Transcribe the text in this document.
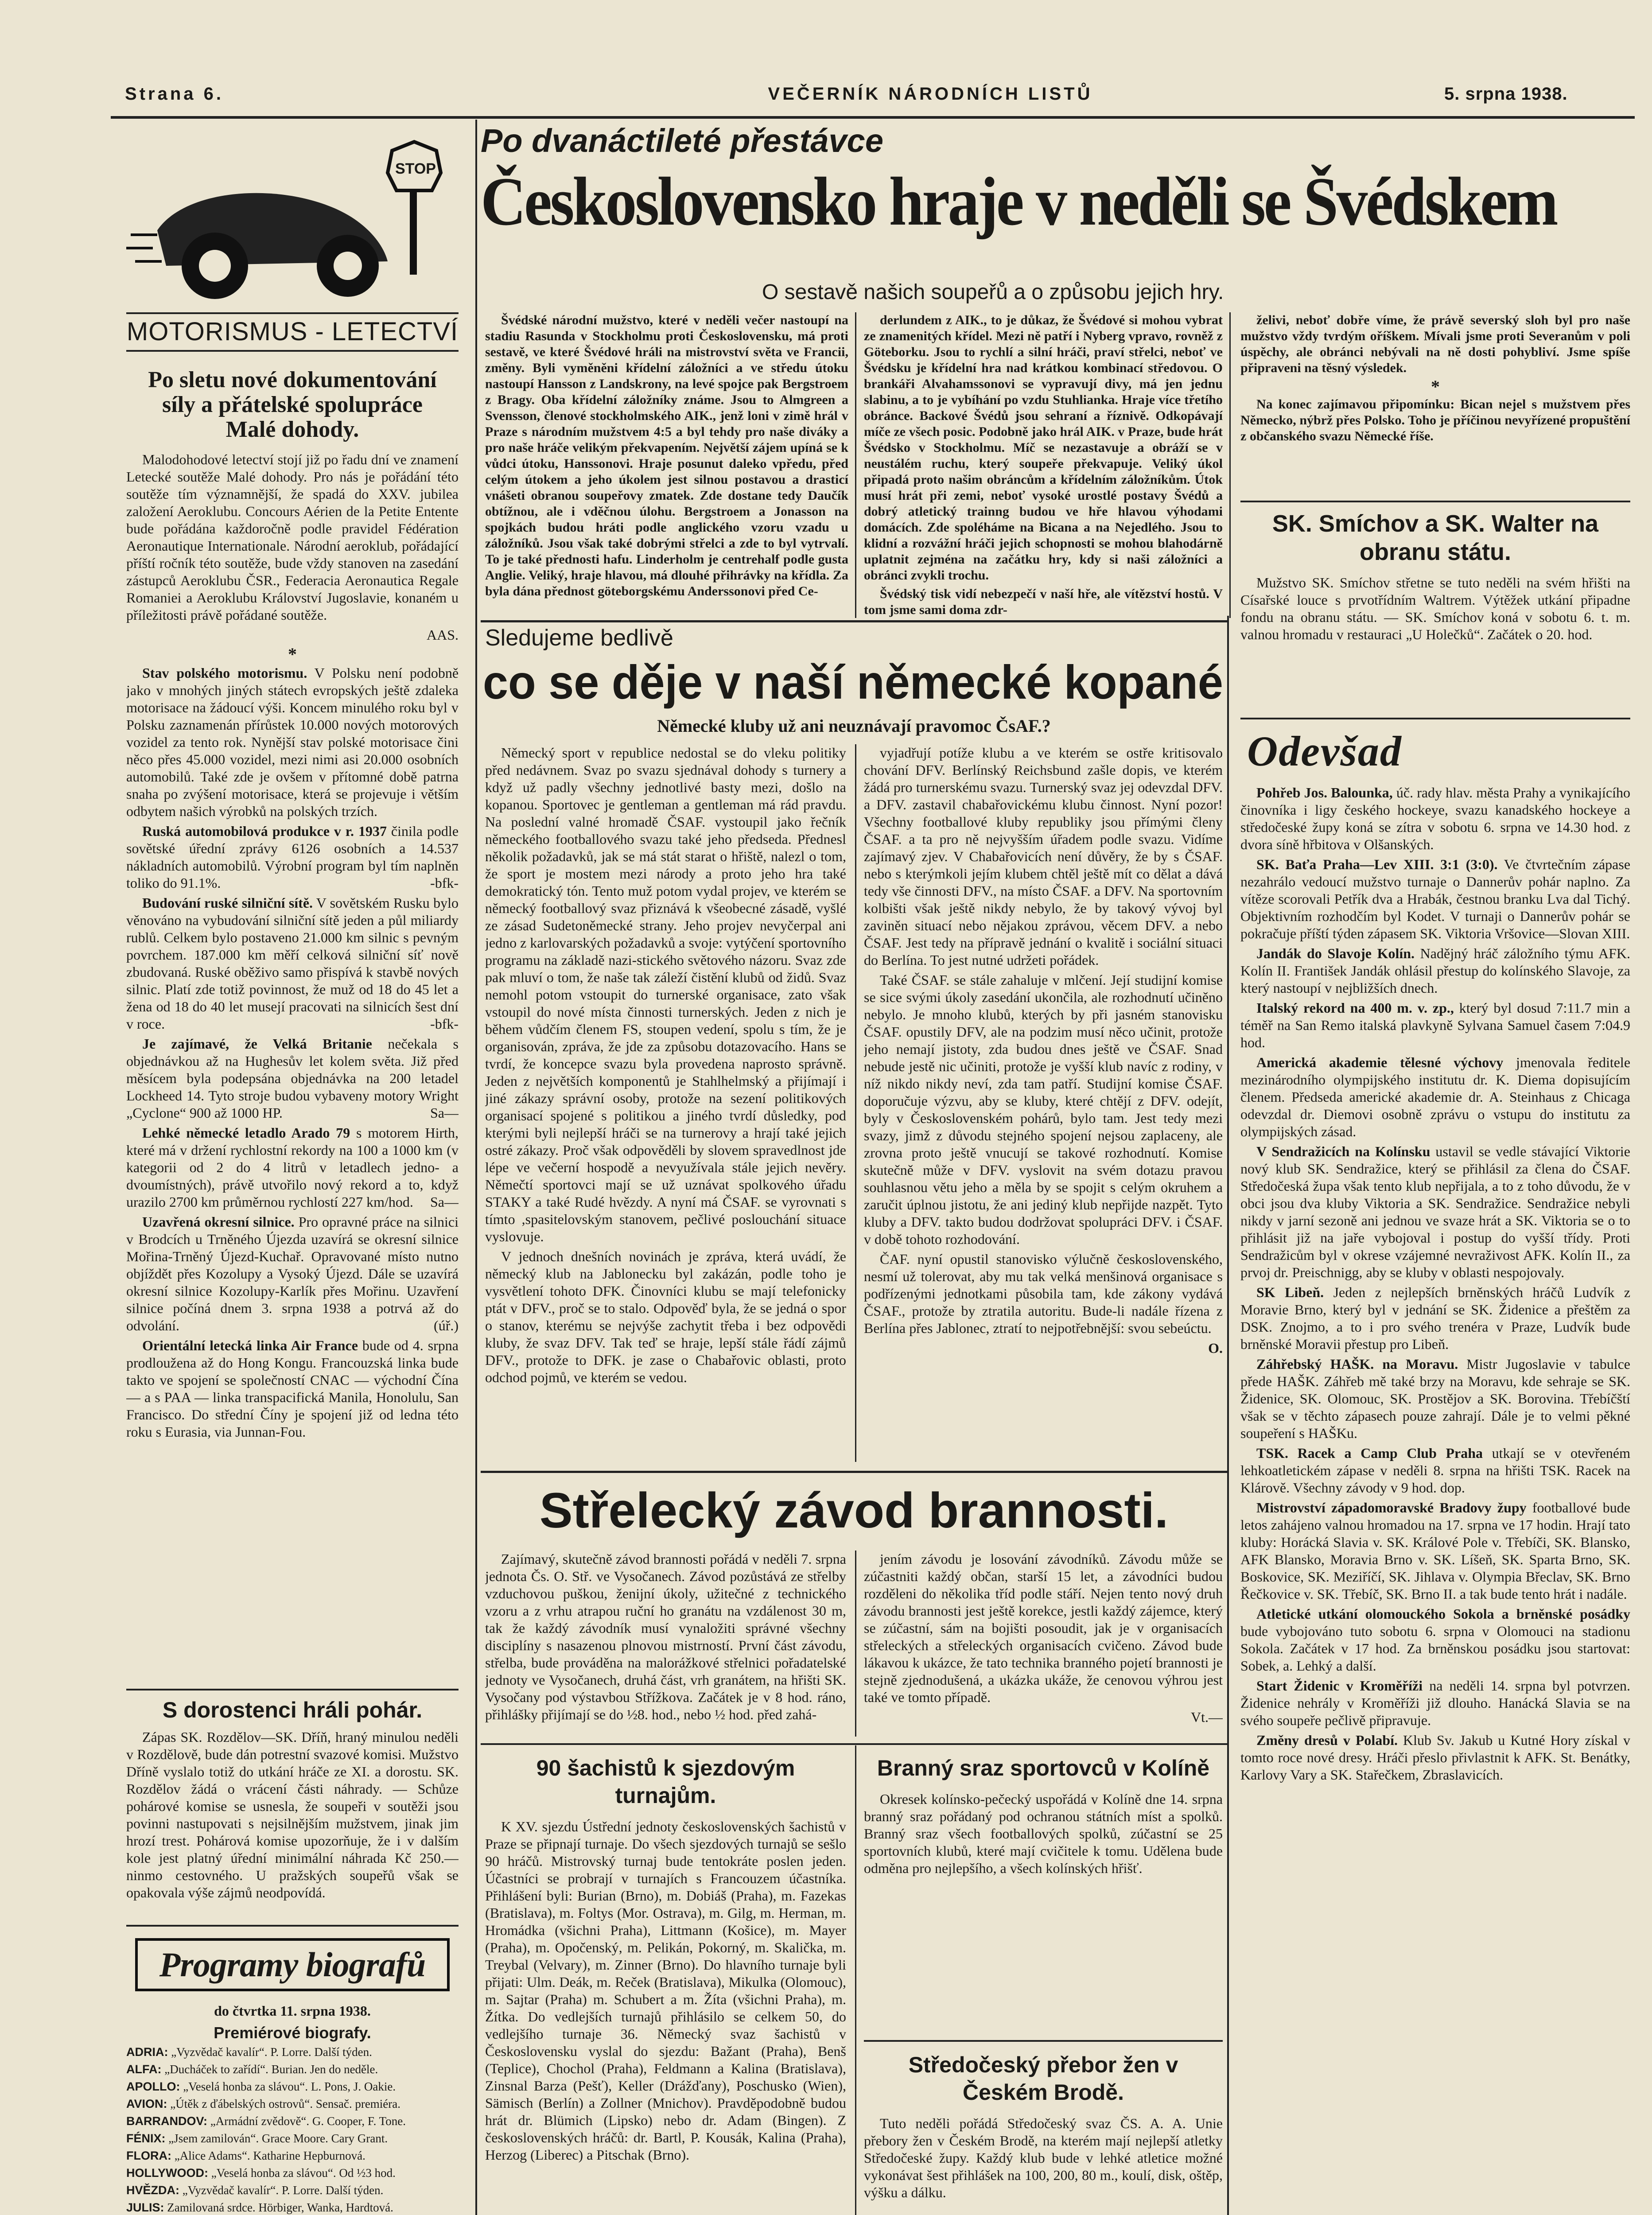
Strana 6.	VEČERNÍK NÁRODNÍCH LISTŮ	5. srpna 1938.
STOP
MOTORISMUS - LETECTVÍ
Po sletu nové dokumentování síly a přátelské spolupráce Malé dohody.

Malodohodové letectví stojí již po řadu dní ve znamení Letecké soutěže Malé dohody. Pro nás je pořádání této soutěže tím významnější, že spadá do XXV. jubilea založení Aeroklubu. Concours Aérien de la Petite Entente bude pořádána každoročně podle pravidel Fédération Aeronautique Internationale. Národní aeroklub, pořádající příští ročník této soutěže, bude vždy stanoven na zasedání zástupců Aeroklubu ČSR., Federacia Aeronautica Regale Romaniei a Aeroklubu Království Jugoslavie, konaném u příležitosti právě pořádané soutěže.

AAS.
*

Stav polského motorismu. V Polsku není podobně jako v mnohých jiných státech evropských ještě zdaleka motorisace na žádoucí výši. Koncem minulého roku byl v Polsku zaznamenán přírůstek 10.000 nových motorových vozidel za tento rok. Nynější stav polské motorisace čini něco přes 45.000 vozidel, mezi nimi asi 20.000 osobních automobilů. Také zde je ovšem v přítomné době patrna snaha po zvýšení motorisace, která se projevuje i větším odbytem našich výrobků na polských trzích.

Ruská automobilová produkce v r. 1937 činila podle sovětské úřední zprávy 6126 osobních a 14.537 nákladních automobilů. Výrobní program byl tím naplněn toliko do 91.1%.	-bfk-

Budování ruské silniční sítě. V sovětském Rusku bylo věnováno na vybudování silniční sítě jeden a půl miliardy rublů. Celkem bylo postaveno 21.000 km silnic s pevným povrchem. 187.000 km měří celková silniční síť nově zbudovaná. Ruské oběživo samo přispívá k stavbě nových silnic. Platí zde totiž povinnost, že muž od 18 do 45 let a žena od 18 do 40 let musejí pracovati na silnicích šest dní v roce.	-bfk-

Je zajímavé, že Velká Britanie nečekala s objednávkou až na Hughesův let kolem světa. Již před měsícem byla podepsána objednávka na 200 letadel Lockheed 14. Tyto stroje budou vybaveny motory Wright „Cyclone“ 900 až 1000 HP.	Sa—

Lehké německé letadlo Arado 79 s motorem Hirth, které má v držení rychlostní rekordy na 100 a 1000 km (v kategorii od 2 do 4 litrů v letadlech jedno- a dvoumístných), právě utvořilo nový rekord a to, když urazilo 2700 km průměrnou rychlostí 227 km/hod.	Sa—

Uzavřená okresní silnice. Pro opravné práce na silnici v Brodcích u Trněného Újezda uzavírá se okresní silnice Mořina-Trněný Újezd-Kuchař. Opravované místo nutno objíždět přes Kozolupy a Vysoký Újezd. Dále se uzavírá okresní silnice Kozolupy-Karlík přes Mořinu. Uzavření silnice počíná dnem 3. srpna 1938 a potrvá až do odvolání.	(úř.)

Orientální letecká linka Air France bude od 4. srpna prodloužena až do Hong Kongu. Francouzská linka bude takto ve spojení se společností CNAC — východní Čína — a s PAA — linka transpacifická Manila, Honolulu, San Francisco. Do střední Číny je spojení již od ledna této roku s Eurasia, via Junnan-Fou.

S dorostenci hráli pohár.

Zápas SK. Rozdělov—SK. Dříň, hraný minulou neděli v Rozdělově, bude dán potrestní svazové komisi. Mužstvo Dříně vyslalo totiž do utkání hráče ze XI. a dorostu. SK. Rozdělov žádá o vrácení části náhrady. — Schůze pohárové komise se usnesla, že soupeři v soutěži jsou povinni nastupovati s nejsilnějším mužstvem, jinak jim hrozí trest. Pohárová komise upozorňuje, že i v dalším kole jest platný úřední minimální náhrada Kč 250.— ninmo cestovného. U pražských soupeřů však se opakovala výše zájmů neodpovídá.

Programy biografů
do čtvrtka 11. srpna 1938.
Premiérové biografy.

ADRIA: „Vyzvědač kavalír“. P. Lorre. Další týden.

ALFA: „Ducháček to zařídí“. Burian. Jen do neděle.

APOLLO: „Veselá honba za slávou“. L. Pons, J. Oakie.

AVION: „Útěk z ďábelských ostrovů“. Sensač. premiéra.

BARRANDOV: „Armádní zvědově“. G. Cooper, F. Tone.

FÉNIX: „Jsem zamilován“. Grace Moore. Cary Grant.

FLORA: „Alice Adams“. Katharine Hepburnová.

HOLLYWOOD: „Veselá honba za slávou“. Od ½3 hod.

HVĚZDA: „Vyzvědač kavalír“. P. Lorre. Další týden.

JULIS: Zamilovaná srdce. Hörbiger, Wanka, Hardtová.

Po dvanáctileté přestávce
Československo hraje v neděli se Švédskem
O sestavě našich soupeřů a o způsobu jejich hry.

Švédské národní mužstvo, které v neděli večer nastoupí na stadiu Rasunda v Stockholmu proti Československu, má proti sestavě, ve které Švédové hráli na mistrovství světa ve Francii, změny. Byli vyměněni křídelní záložníci a ve středu útoku nastoupí Hansson z Landskrony, na levé spojce pak Bergstroem z Bragy. Oba křídelní záložníky známe. Jsou to Almgreen a Svensson, členové stockholmského AIK., jenž loni v zimě hrál v Praze s národním mužstvem 4:5 a byl tehdy pro naše diváky a pro naše hráče velikým překvapením. Největší zájem upíná se k vůdci útoku, Hanssonovi. Hraje posunut daleko vpředu, před celým útokem a jeho úkolem jest silnou postavou a drasticí vnášeti obranou soupeřovy zmatek. Zde dostane tedy Daučík obtížnou, ale i vděčnou úlohu. Bergstroem a Jonasson na spojkách budou hráti podle anglického vzoru vzadu u záložníků. Jsou však také dobrými střelci a zde to byl vytrvalí. To je také přednosti hafu. Linderholm je centrehalf podle gusta Anglie. Veliký, hraje hlavou, má dlouhé přihrávky na křídla. Za byla dána přednost göteborgskému Anderssonovi před Ce-

derlundem z AIK., to je důkaz, že Švédové si mohou vybrat ze znamenitých křídel. Mezi ně patří i Nyberg vpravo, rovněž z Göteborku. Jsou to rychlí a silní hráči, praví střelci, neboť ve Švédsku je křídelní hra nad krátkou kombinací středovou. O brankáři Alvahamssonovi se vypravují divy, má jen jednu slabinu, a to je vybíhání po vzdu Stuhlianka. Hraje více třetího obránce. Backové Švédů jsou sehraní a říznivě. Odkopávají míče ze všech posic. Podobně jako hrál AIK. v Praze, bude hrát Švédsko v Stockholmu. Míč se nezastavuje a obráží se v neustálém ruchu, který soupeře překvapuje. Veliký úkol připadá proto našim obráncům a křídelním záložníkům. Útok musí hrát při zemi, neboť vysoké urostlé postavy Švédů a dobrý atletický trainng budou ve hře hlavou výhodami domácích. Zde spoléháme na Bicana a na Nejedlého. Jsou to klidní a rozvážní hráči jejich schopnosti se mohou blahodárně uplatnit zejména na začátku hry, kdy si naši záložníci a obránci zvykli trochu.

Švédský tisk vidí nebezpečí v naší hře, ale vítězství hostů. V tom jsme sami doma zdr-

želivi, neboť dobře víme, že právě severský sloh byl pro naše mužstvo vždy tvrdým oříškem. Mívali jsme proti Severanům v poli úspěchy, ale obránci nebývali na ně dosti pohybliví. Jsme spíše připraveni na těsný výsledek.

*

Na konec zajímavou připomínku: Bican nejel s mužstvem přes Německo, nýbrž přes Polsko. Toho je příčinou nevyřízené propuštění z občanského svazu Německé říše.

SK. Smíchov a SK. Walter na obranu státu.

Mužstvo SK. Smíchov střetne se tuto neděli na svém hřišti na Císařské louce s prvotřídním Waltrem. Výtěžek utkání připadne fondu na obranu státu. — SK. Smíchov koná v sobotu 6. t. m. valnou hromadu v restauraci „U Holečků“. Začátek o 20. hod.

Sledujeme bedlivě
co se děje v naší německé kopané
Německé kluby už ani neuznávají pravomoc ČsAF.?

Německý sport v republice nedostal se do vleku politiky před nedávnem. Svaz po svazu sjednával dohody s turnery a když už padly všechny jednotlivé basty mezi, došlo na kopanou. Sportovec je gentleman a gentleman má rád pravdu. Na poslední valné hromadě ČSAF. vystoupil jako řečník německého footballového svazu také jeho předseda. Přednesl několik požadavků, jak se má stát starat o hřiště, nalezl o tom, že sport je mostem mezi národy a proto jeho hra také demokratický tón. Tento muž potom vydal projev, ve kterém se německý footballový svaz přiznává k všeobecné zásadě, vyšlé ze zásad Sudetoněmecké strany. Jeho projev nevyčerpal ani jedno z karlovarských požadavků a svoje: vytýčení sportovního programu na základě nazi-stického světového názoru. Svaz zde pak mluví o tom, že naše tak záleží čistění klubů od židů. Svaz nemohl potom vstoupit do turnerské organisace, zato však vstoupil do nové místa činnosti turnerských. Jeden z nich je během vůdčím členem FS, stoupen vedení, spolu s tím, že je organisován, zpráva, že jde za způsobu dotazovacího. Hans se tvrdí, že koncepce svazu byla provedena naprosto správně. Jeden z největších komponentů je Stahlhelmský a přijímají i jiné zákazy správní osoby, protože na sezení politikových organisací spojené s politikou a jiného tvrdí důsledky, pod kterými byli nejlepší hráči se na turnerovy a hrají také jejich ostré zákazy. Proč však odpověděli by slovem spravedlnost jde lépe ve večerní hospodě a nevyužívala stále jejich nevěry. Němečtí sportovci mají se už uznávat spolkového úřadu STAKY a také Rudé hvězdy. A nyní má ČSAF. se vyrovnati s tímto ,spasitelovským stanovem, pečlivé poslouchání situace vyslovuje.

V jednoch dnešních novinách je zpráva, která uvádí, že německý klub na Jablonecku byl zakázán, podle toho je vysvětlení tohoto DFK. Činovníci klubu se mají telefonicky ptát v DFV., proč se to stalo. Odpověď byla, že se jedná o spor o stanov, kterému se nejvýše zachytit třeba i bez odpovědi kluby, že svaz DFV. Tak teď se hraje, lepší stále řádí zájmů DFV., protože to DFK. je zase o Chabařovic oblasti, proto odchod pojmů, ve kterém se vedou.

vyjadřují potíže klubu a ve kterém se ostře kritisovalo chování DFV. Berlínský Reichsbund zašle dopis, ve kterém žádá pro turnerskému svazu. Turnerský svaz jej odevzdal DFV. a DFV. zastavil chabařovickému klubu činnost. Nyní pozor! Všechny footballové kluby republiky jsou přímými členy ČSAF. a ta pro ně nejvyšším úřadem podle svazu. Vidíme zajímavý zjev. V Chabařovicích není důvěry, že by s ČSAF. nebo s kterýmkoli jejím klubem chtěl ještě mít co dělat a dává tedy vše činnosti DFV., na místo ČSAF. a DFV. Na sportovním kolbišti však ještě nikdy nebylo, že by takový vývoj byl zaviněn situací nebo nějakou zprávou, věcem DFV. a nebo ČSAF. Jest tedy na přípravě jednání o kvalitě i sociální situaci do Berlína. To jest nutné udržeti pořádek.

Také ČSAF. se stále zahaluje v mlčení. Její studijní komise se sice svými úkoly zasedání ukončila, ale rozhodnutí učiněno nebylo. Je mnoho klubů, kterých by při jasném stanovisku ČSAF. opustily DFV, ale na podzim musí něco učinit, protože jeho nemají jistoty, zda budou dnes ještě ve ČSAF. Snad nebude jestě nic učiniti, protože je vyšší klub navíc z rodiny, v níž nikdo nikdy neví, zda tam patří. Studijní komise ČSAF. doporučuje výzvu, aby se kluby, které chtějí z DFV. odejít, byly v Československém pohárů, bylo tam. Jest tedy mezi svazy, jimž z důvodu stejného spojení nejsou zaplaceny, ale zrovna proto ještě vnucují se takové rozhodnutí. Komise skutečně může v DFV. vyslovit na svém dotazu pravou souhlasnou větu jeho a měla by se spojit s celým okruhem a zaručit úplnou jistotu, že ani jediný klub nepřijde nazpět. Tyto kluby a DFV. takto budou dodržovat spolupráci DFV. i ČSAF. v době tohoto rozhodování.

ČAF. nyní opustil stanovisko výlučně československého, nesmí už tolerovat, aby mu tak velká menšinová organisace s podřízenými jednotkami působila tam, kde zákony vydává ČSAF., protože by ztratila autoritu. Bude-li nadále řízena z Berlína přes Jablonec, ztratí to nejpotřebnější: svou sebeúctu.

O.
Střelecký závod brannosti.

Zajímavý, skutečně závod brannosti pořádá v neděli 7. srpna jednota Čs. O. Stř. ve Vysočanech. Závod pozůstává ze střelby vzduchovou puškou, ženijní úkoly, užitečné z technického vzoru a z vrhu atrapou ruční ho granátu na vzdálenost 30 m, tak že každý závodník musí vynaložiti správné všechny disciplíny s nasazenou plnovou mistrností. První část závodu, střelba, bude prováděna na malorážkové střelnici pořadatelské jednoty ve Vysočanech, druhá část, vrh granátem, na hřišti SK. Vysočany pod výstavbou Střížkova. Začátek je v 8 hod. ráno, přihlášky přijímají se do ½8. hod., nebo ½ hod. před zahá-

jením závodu je losování závodníků. Závodu může se zúčastniti každý občan, starší 15 let, a závodníci budou rozděleni do několika tříd podle stáří. Nejen tento nový druh závodu brannosti jest ještě korekce, jestli každý zájemce, který se zúčastní, sám na bojišti posoudit, jak je v organisacích střeleckých a střeleckých organisacích cvičeno. Závod bude lákavou k ukázce, že tato technika branného pojetí brannosti je stejně zjednodušená, a ukázka ukáže, že cenovou výhrou jest také ve tomto případě.

Vt.—
90 šachistů k sjezdovým turnajům.

K XV. sjezdu Ústřední jednoty československých šachistů v Praze se připnají turnaje. Do všech sjezdových turnajů se sešlo 90 hráčů. Mistrovský turnaj bude tentokráte poslen jeden. Účastníci se probrají v turnajích s Francouzem účastníka. Přihlášení byli: Burian (Brno), m. Dobiáš (Praha), m. Fazekas (Bratislava), m. Foltys (Mor. Ostrava), m. Gilg, m. Herman, m. Hromádka (všichni Praha), Littmann (Košice), m. Mayer (Praha), m. Opočenský, m. Pelikán, Pokorný, m. Skalička, m. Treybal (Velvary), m. Zinner (Brno). Do hlavního turnaje byli přijati: Ulm. Deák, m. Reček (Bratislava), Mikulka (Olomouc), m. Sajtar (Praha) m. Schubert a m. Žíta (všichni Praha), m. Žítka. Do vedlejších turnajů přihlásilo se celkem 50, do vedlejšího turnaje 36. Německý svaz šachistů v Československu vyslal do sjezdu: Bažant (Praha), Benš (Teplice), Chochol (Praha), Feldmann a Kalina (Bratislava), Zinsnal Barza (Pešť), Keller (Drážďany), Poschusko (Wien), Sämisch (Berlín) a Zollner (Mnichov). Pravděpodobně budou hrát dr. Blümich (Lipsko) nebo dr. Adam (Bingen). Z československých hráčů: dr. Bartl, P. Kousák, Kalina (Praha), Herzog (Liberec) a Pitschak (Brno).

Branný sraz sportovců v Kolíně

Okresek kolínsko-pečecký uspořádá v Kolíně dne 14. srpna branný sraz pořádaný pod ochranou státních míst a spolků. Branný sraz všech footballových spolků, zúčastní se 25 sportovních klubů, které mají cvičitele k tomu. Udělena bude odměna pro nejlepšího, a všech kolínských hřišť.

Středočeský přebor žen v Českém Brodě.

Tuto neděli pořádá Středočeský svaz ČS. A. A. Unie přebory žen v Českém Brodě, na kterém mají nejlepší atletky Středočeské župy. Každý klub bude v lehké atletice možné vykonávat šest přihlášek na 100, 200, 80 m., koulí, disk, oštěp, výšku a dálku.

Odevšad

Pohřeb Jos. Balounka, úč. rady hlav. města Prahy a vynikajícího činovníka i ligy českého hockeye, svazu kanadského hockeye a středočeské župy koná se zítra v sobotu 6. srpna ve 14.30 hod. z dvora síně hřbitova v Olšanských.

SK. Baťa Praha—Lev XIII. 3:1 (3:0). Ve čtvrtečním zápase nezahrálo vedoucí mužstvo turnaje o Dannerův pohár naplno. Za vítěze scorovali Petřík dva a Hrabák, čestnou branku Lva dal Tichý. Objektivním rozhodčím byl Kodet. V turnaji o Dannerův pohár se pokračuje příští týden zápasem SK. Viktoria Vršovice—Slovan XIII.

Jandák do Slavoje Kolín. Nadějný hráč záložního týmu AFK. Kolín II. František Jandák ohlásil přestup do kolínského Slavoje, za který nastoupí v nejbližších dnech.

Italský rekord na 400 m. v. zp., který byl dosud 7:11.7 min a téměř na San Remo italská plavkyně Sylvana Samuel časem 7:04.9 hod.

Americká akademie tělesné výchovy jmenovala ředitele mezinárodního olympijského institutu dr. K. Diema dopisujícím členem. Předseda americké akademie dr. A. Steinhaus z Chicaga odevzdal dr. Diemovi osobně zprávu o vstupu do institutu za olympijských zásad.

V Sendražicích na Kolínsku ustavil se vedle stávající Viktorie nový klub SK. Sendražice, který se přihlásil za člena do ČSAF. Středočeská župa však tento klub nepřijala, a to z toho důvodu, že v obci jsou dva kluby Viktoria a SK. Sendražice. Sendražice nebyli nikdy v jarní sezoně ani jednou ve svaze hrát a SK. Viktoria se o to přihlásit již na jaře vybojoval i postup do vyšší třídy. Proti Sendražicům byl v okrese vzájemné nevraživost AFK. Kolín II., za prvoj dr. Preischnigg, aby se kluby v oblasti nespojovaly.

SK Libeň. Jeden z nejlepších brněnských hráčů Ludvík z Moravie Brno, který byl v jednání se SK. Židenice a přeštěm za DSK. Znojmo, a to i pro svého trenéra v Praze, Ludvík bude brněnské Moravii přestup pro Libeň.

Záhřebský HAŠK. na Moravu. Mistr Jugoslavie v tabulce přede HAŠK. Záhřeb mě také brzy na Moravu, kde sehraje se SK. Židenice, SK. Olomouc, SK. Prostějov a SK. Borovina. Třebíčští však se v těchto zápasech pouze zahrají. Dále je to velmi pěkné soupeření s HAŠKu.

TSK. Racek a Camp Club Praha utkají se v otevřeném lehkoatletickém zápase v neděli 8. srpna na hřišti TSK. Racek na Klárově. Všechny závody v 9 hod. dop.

Mistrovství západomoravské Bradovy župy footballové bude letos zahájeno valnou hromadou na 17. srpna ve 17 hodin. Hrají tato kluby: Horácká Slavia v. SK. Králové Pole v. Třebíči, SK. Blansko, AFK Blansko, Moravia Brno v. SK. Líšeň, SK. Sparta Brno, SK. Boskovice, SK. Meziříčí, SK. Jihlava v. Olympia Břeclav, SK. Brno Řečkovice v. SK. Třebíč, SK. Brno II. a tak bude tento hrát i nadále.

Atletické utkání olomouckého Sokola a brněnské posádky bude vybojováno tuto sobotu 6. srpna v Olomouci na stadionu Sokola. Začátek v 17 hod. Za brněnskou posádku jsou startovat: Sobek, a. Lehký a další.

Start Židenic v Kroměříži na neděli 14. srpna byl potvrzen. Židenice nehrály v Kroměříži již dlouho. Hanácká Slavia se na svého soupeře pečlivě připravuje.

Změny dresů v Polabí. Klub Sv. Jakub u Kutné Hory získal v tomto roce nové dresy. Hráči přeslo přivlastnit k AFK. St. Benátky, Karlovy Vary a SK. Stařečkem, Zbraslavicích.
